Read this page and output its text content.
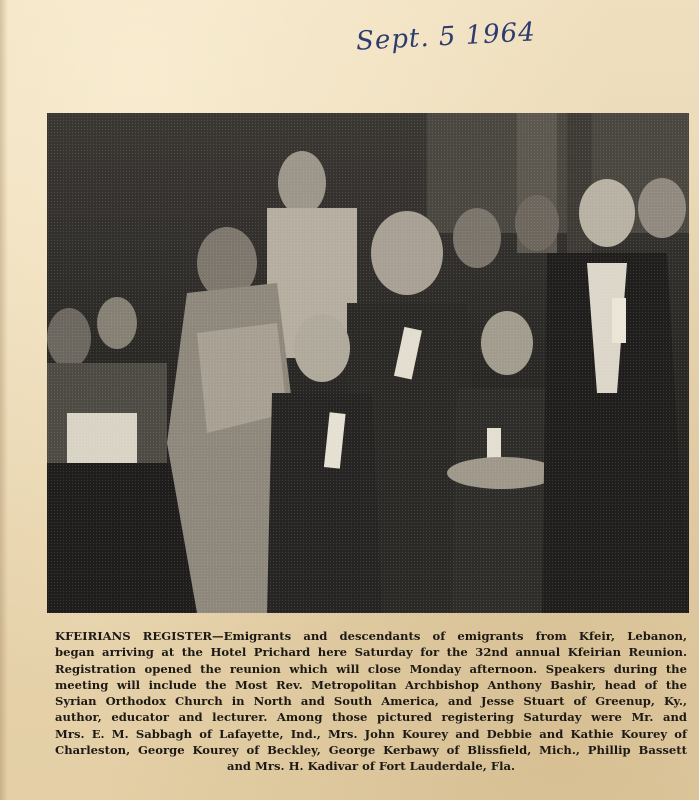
Sept. 5 1964
KFEIRIANS REGISTER—Emigrants and descendants of emigrants from Kfeir, Lebanon,
began arriving at the Hotel Prichard here Saturday for the 32nd annual Kfeirian Reunion.
Registration opened the reunion which will close Monday afternoon. Speakers during the
meeting will include the Most Rev. Metropolitan Archbishop Anthony Bashir, head of the
Syrian Orthodox Church in North and South America, and Jesse Stuart of Greenup, Ky.,
author, educator and lecturer. Among those pictured registering Saturday were Mr. and
Mrs. E. M. Sabbagh of Lafayette, Ind., Mrs. John Kourey and Debbie and Kathie Kourey of
Charleston, George Kourey of Beckley, George Kerbawy of Blissfield, Mich., Phillip Bassett
and Mrs. H. Kadivar of Fort Lauderdale, Fla.
